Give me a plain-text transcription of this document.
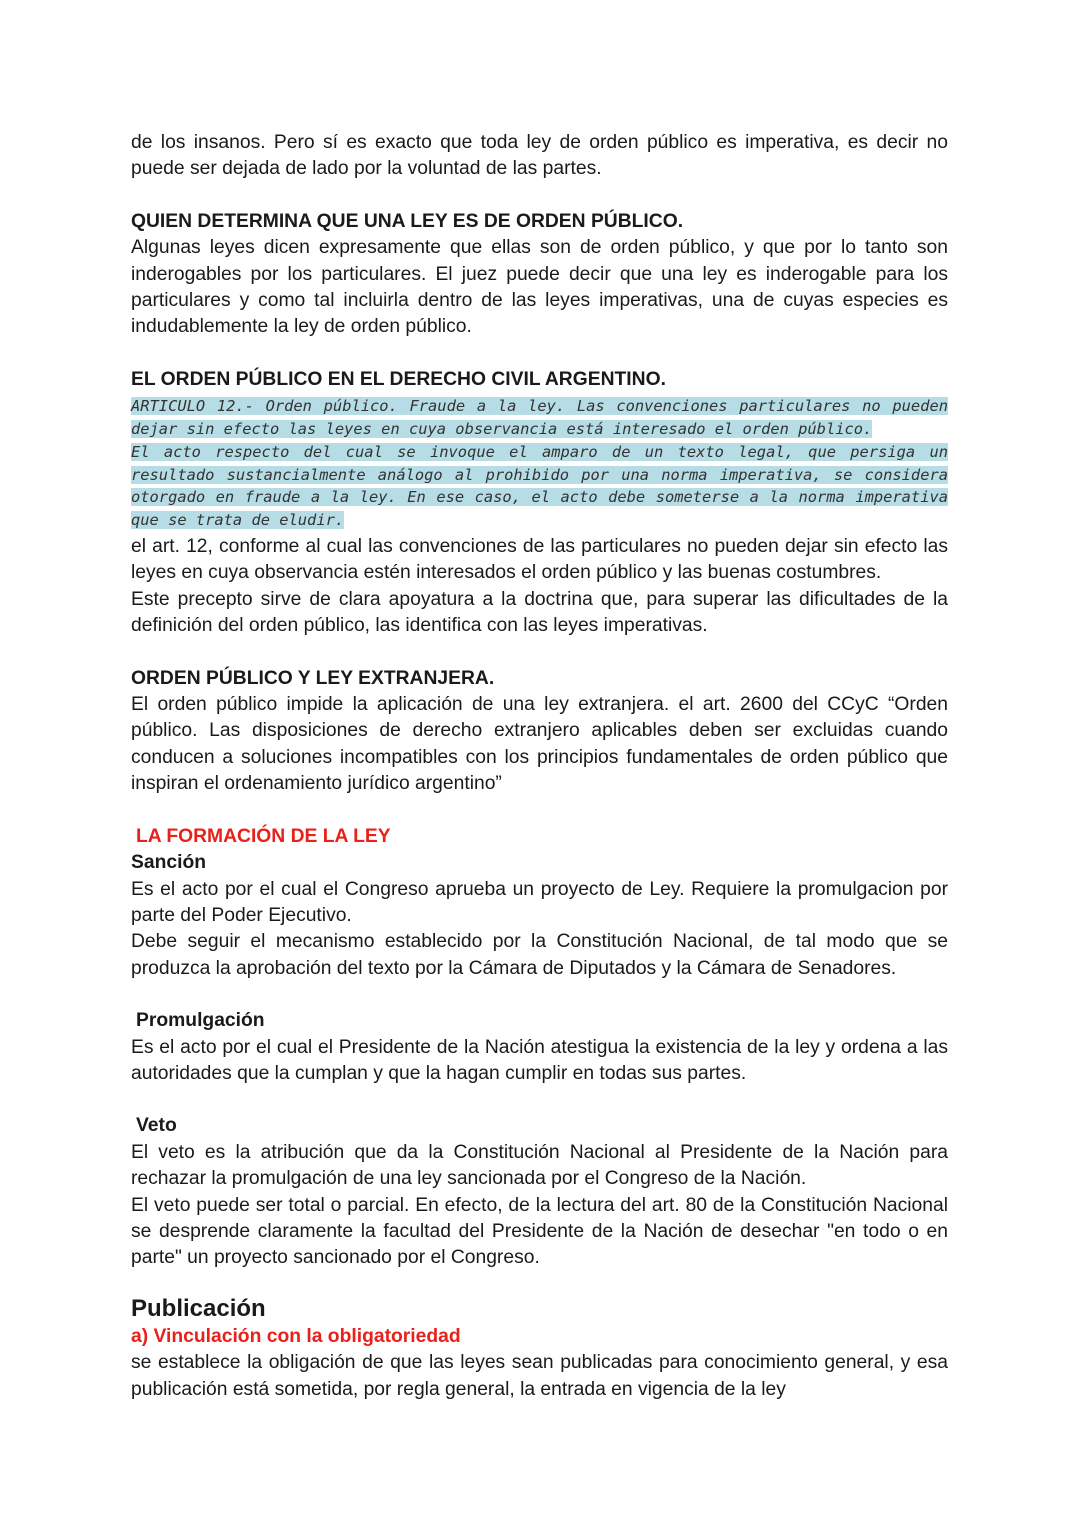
de los insanos. Pero sí es exacto que toda ley de orden público es imperativa, es decir no puede ser dejada de lado por la voluntad de las partes.

QUIEN DETERMINA QUE UNA LEY ES DE ORDEN PÚBLICO.

Algunas leyes dicen expresamente que ellas son de orden público, y que por lo tanto son inderogables por los particulares. El juez puede decir que una ley es inderogable para los particulares y como tal incluirla dentro de las leyes imperativas, una de cuyas especies es indudablemente la ley de orden público.

EL ORDEN PÚBLICO EN EL DERECHO CIVIL ARGENTINO.

ARTICULO 12.- Orden público. Fraude a la ley. Las convenciones particulares no pueden dejar sin efecto las leyes en cuya observancia está interesado el orden público.

El acto respecto del cual se invoque el amparo de un texto legal, que persiga un resultado sustancialmente análogo al prohibido por una norma imperativa, se considera otorgado en fraude a la ley. En ese caso, el acto debe someterse a la norma imperativa que se trata de eludir.

el art. 12, conforme al cual las convenciones de las particulares no pueden dejar sin efecto las leyes en cuya observancia estén interesados el orden público y las buenas costumbres.

Este precepto sirve de clara apoyatura a la doctrina que, para superar las dificultades de la definición del orden público, las identifica con las leyes imperativas.

ORDEN PÚBLICO Y LEY EXTRANJERA.

El orden público impide la aplicación de una ley extranjera. el art. 2600 del CCyC “Orden público. Las disposiciones de derecho extranjero aplicables deben ser excluidas cuando conducen a soluciones incompatibles con los principios fundamentales de orden público que inspiran el ordenamiento jurídico argentino”

LA FORMACIÓN DE LA LEY
Sanción

Es el acto por el cual el Congreso aprueba un proyecto de Ley. Requiere la promulgacion por parte del Poder Ejecutivo.

Debe seguir el mecanismo establecido por la Constitución Nacional, de tal modo que se produzca la aprobación del texto por la Cámara de Diputados y la Cámara de Senadores.

Promulgación

Es el acto por el cual el Presidente de la Nación atestigua la existencia de la ley y ordena a las autoridades que la cumplan y que la hagan cumplir en todas sus partes.

Veto

El veto es la atribución que da la Constitución Nacional al Presidente de la Nación para rechazar la promulgación de una ley sancionada por el Congreso de la Nación.

El veto puede ser total o parcial. En efecto, de la lectura del art. 80 de la Constitución Nacional se desprende claramente la facultad del Presidente de la Nación de desechar "en todo o en parte" un proyecto sancionado por el Congreso.

Publicación
a) Vinculación con la obligatoriedad

se establece la obligación de que las leyes sean publicadas para conocimiento general, y esa publicación está sometida, por regla general, la entrada en vigencia de la ley
